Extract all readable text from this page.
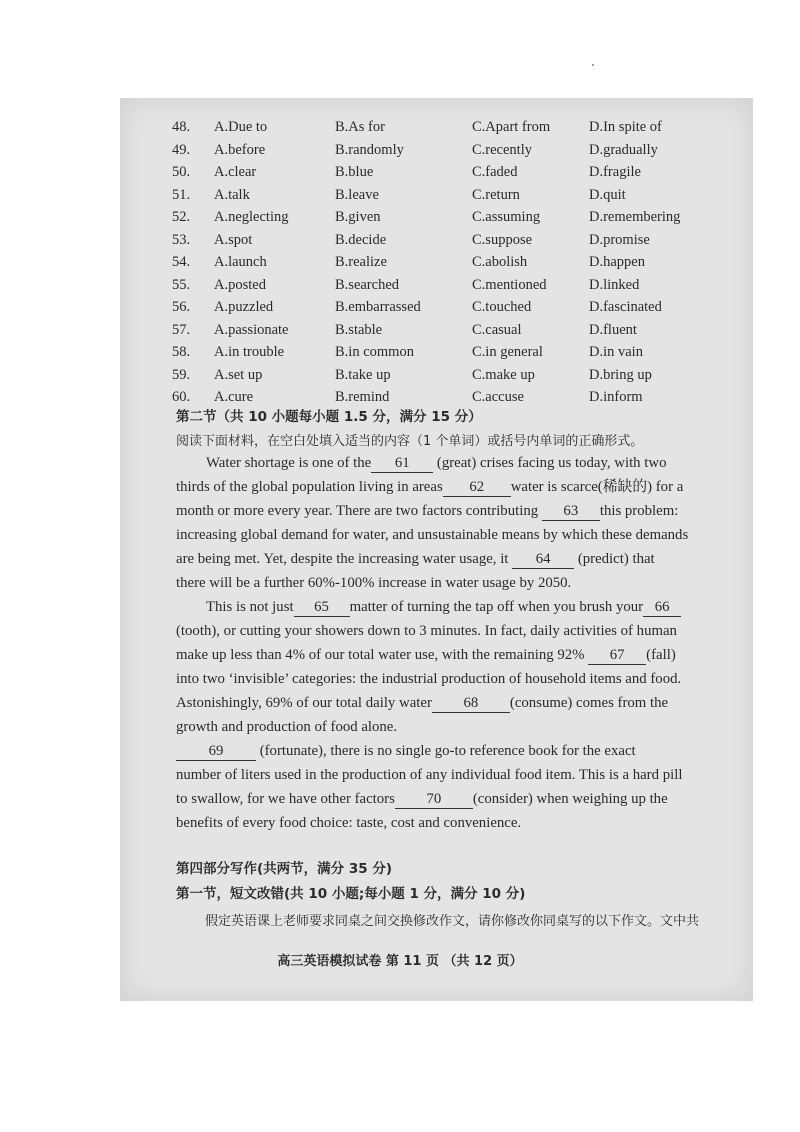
48. A.Due to	B.As for	C.Apart from	D.In spite of
49. A.before	B.randomly	C.recently	D.gradually
50. A.clear	B.blue	C.faded	D.fragile
51. A.talk	B.leave	C.return	D.quit
52. A.neglecting	B.given	C.assuming	D.remembering
53. A.spot	B.decide	C.suppose	D.promise
54. A.launch	B.realize	C.abolish	D.happen
55. A.posted	B.searched	C.mentioned	D.linked
56. A.puzzled	B.embarrassed	C.touched	D.fascinated
57. A.passionate	B.stable	C.casual	D.fluent
58. A.in trouble	B.in common	C.in general	D.in vain
59. A.set up	B.take up	C.make up	D.bring up
60. A.cure	B.remind	C.accuse	D.inform
第二节（共 10 小题每小题 1.5 分，满分 15 分）
阅读下面材料，在空白处填入适当的内容（1 个单词）或括号内单词的正确形式。
Water shortage is one of the 61 (great) crises facing us today, with two
thirds of the global population living in areas 62 water is scarce(稀缺的) for a
month or more every year. There are two factors contributing 63 this problem:
increasing global demand for water, and unsustainable means by which these demands
are being met. Yet, despite the increasing water usage, it 64 (predict) that
there will be a further 60%-100% increase in water usage by 2050.
This is not just 65 matter of turning the tap off when you brush your 66
(tooth), or cutting your showers down to 3 minutes. In fact, daily activities of human
make up less than 4% of our total water use, with the remaining 92% 67 (fall)
into two ‘invisible’ categories: the industrial production of household items and food.
Astonishingly, 69% of our total daily water 68 (consume) comes from the
growth and production of food alone.
69 (fortunate), there is no single go-to reference book for the exact
number of liters used in the production of any individual food item. This is a hard pill
to swallow, for we have other factors 70 (consider) when weighing up the
benefits of every food choice: taste, cost and convenience.
第四部分写作(共两节，满分 35 分)
第一节，短文改错(共 10 小题;每小题 1 分，满分 10 分)
假定英语课上老师要求同桌之间交换修改作文，请你修改你同桌写的以下作文。文中共
高三英语模拟试卷 第 11 页 （共 12 页）
